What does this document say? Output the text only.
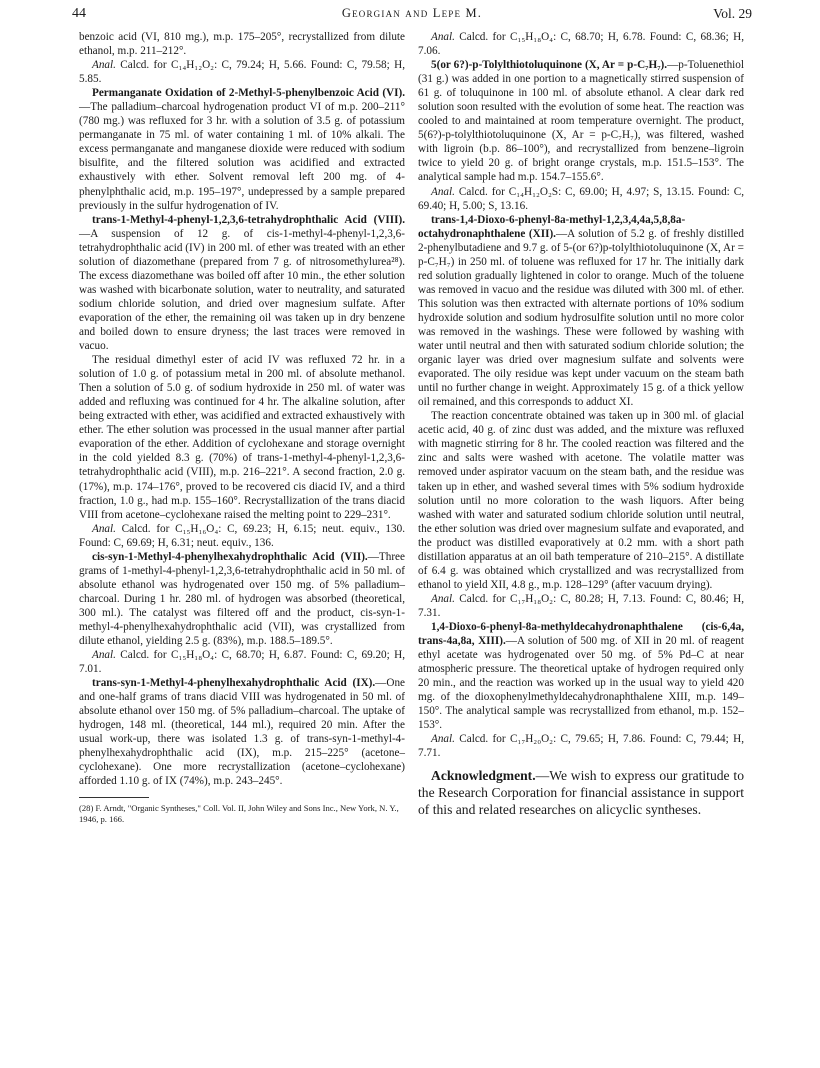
44	Georgian and Lepe M.	Vol. 29

benzoic acid (VI, 810 mg.), m.p. 175–205°, recrystallized from dilute ethanol, m.p. 211–212°.

Anal. Calcd. for C₁₄H₁₂O₂: C, 79.24; H, 5.66. Found: C, 79.58; H, 5.85.

Permanganate Oxidation of 2-Methyl-5-phenylbenzoic Acid (VI).—The palladium–charcoal hydrogenation product VI of m.p. 200–211° (780 mg.) was refluxed for 3 hr. with a solution of 3.5 g. of potassium permanganate in 75 ml. of water containing 1 ml. of 10% alkali. The excess permanganate and manganese dioxide were reduced with sodium bisulfite, and the filtered solution was acidified and extracted exhaustively with ether. Solvent removal left 200 mg. of 4-phenylphthalic acid, m.p. 195–197°, undepressed by a sample prepared previously in the sulfur hydrogenation of IV.

trans-1-Methyl-4-phenyl-1,2,3,6-tetrahydrophthalic Acid (VIII).—A suspension of 12 g. of cis-1-methyl-4-phenyl-1,2,3,6-tetrahydrophthalic acid (IV) in 200 ml. of ether was treated with an ether solution of diazomethane (prepared from 7 g. of nitrosomethylurea²⁸). The excess diazomethane was boiled off after 10 min., the ether solution was washed with bicarbonate solution, water to neutrality, and saturated sodium chloride solution, and dried over magnesium sulfate. After evaporation of the ether, the remaining oil was taken up in dry benzene and boiled down to ensure dryness; the last traces were removed in vacuo.

The residual dimethyl ester of acid IV was refluxed 72 hr. in a solution of 1.0 g. of potassium metal in 200 ml. of absolute methanol. Then a solution of 5.0 g. of sodium hydroxide in 250 ml. of water was added and refluxing was continued for 4 hr. The alkaline solution, after being extracted with ether, was acidified and extracted exhaustively with ether. The ether solution was processed in the usual manner after partial evaporation of the ether. Addition of cyclohexane and storage overnight in the cold yielded 8.3 g. (70%) of trans-1-methyl-4-phenyl-1,2,3,6-tetrahydrophthalic acid (VIII), m.p. 216–221°. A second fraction, 2.0 g. (17%), m.p. 174–176°, proved to be recovered cis diacid IV, and a third fraction, 1.0 g., had m.p. 155–160°. Recrystallization of the trans diacid VIII from acetone–cyclohexane raised the melting point to 229–231°.

Anal. Calcd. for C₁₅H₁₆O₄: C, 69.23; H, 6.15; neut. equiv., 130. Found: C, 69.69; H, 6.31; neut. equiv., 136.

cis-syn-1-Methyl-4-phenylhexahydrophthalic Acid (VII).—Three grams of 1-methyl-4-phenyl-1,2,3,6-tetrahydrophthalic acid in 50 ml. of absolute ethanol was hydrogenated over 150 mg. of 5% palladium–charcoal. During 1 hr. 280 ml. of hydrogen was absorbed (theoretical, 300 ml.). The catalyst was filtered off and the product, cis-syn-1-methyl-4-phenylhexahydrophthalic acid (VII), was crystallized from dilute ethanol, yielding 2.5 g. (83%), m.p. 188.5–189.5°.

Anal. Calcd. for C₁₅H₁₈O₄: C, 68.70; H, 6.87. Found: C, 69.20; H, 7.01.

trans-syn-1-Methyl-4-phenylhexahydrophthalic Acid (IX).—One and one-half grams of trans diacid VIII was hydrogenated in 50 ml. of absolute ethanol over 150 mg. of 5% palladium–charcoal. The uptake of hydrogen, 148 ml. (theoretical, 144 ml.), required 20 min. After the usual work-up, there was isolated 1.3 g. of trans-syn-1-methyl-4-phenylhexahydrophthalic acid (IX), m.p. 215–225° (acetone–cyclohexane). One more recrystallization (acetone–cyclohexane) afforded 1.10 g. of IX (74%), m.p. 243–245°.

(28) F. Arndt, "Organic Syntheses," Coll. Vol. II, John Wiley and Sons Inc., New York, N. Y., 1946, p. 166.

Anal. Calcd. for C₁₅H₁₈O₄: C, 68.70; H, 6.78. Found: C, 68.36; H, 7.06.

5(or 6?)-p-Tolylthiotoluquinone (X, Ar = p-C₇H₇).—p-Toluenethiol (31 g.) was added in one portion to a magnetically stirred suspension of 61 g. of toluquinone in 100 ml. of absolute ethanol. A clear dark red solution soon resulted with the evolution of some heat. The reaction was cooled to and maintained at room temperature overnight. The product, 5(6?)-p-tolylthiotoluquinone (X, Ar = p-C₇H₇), was filtered, washed with ligroin (b.p. 86–100°), and recrystallized from benzene–ligroin twice to yield 20 g. of bright orange crystals, m.p. 151.5–153°. The analytical sample had m.p. 154.7–155.6°.

Anal. Calcd. for C₁₄H₁₂O₂S: C, 69.00; H, 4.97; S, 13.15. Found: C, 69.40; H, 5.00; S, 13.16.

trans-1,4-Dioxo-6-phenyl-8a-methyl-1,2,3,4,4a,5,8,8a-octahydronaphthalene (XII).—A solution of 5.2 g. of freshly distilled 2-phenylbutadiene and 9.7 g. of 5-(or 6?)p-tolylthiotoluquinone (X, Ar = p-C₇H₇) in 250 ml. of toluene was refluxed for 17 hr. The initially dark red solution gradually lightened in color to orange. Much of the toluene was removed in vacuo and the residue was diluted with 300 ml. of ether. This solution was then extracted with alternate portions of 10% sodium hydroxide solution and sodium hydrosulfite solution until no more color was removed in the washings. These were followed by washing with water until neutral and then with saturated sodium chloride solution; the organic layer was dried over magnesium sulfate and solvents were evaporated. The oily residue was kept under vacuum on the steam bath until no further change in weight. Approximately 15 g. of a thick yellow oil remained, and this corresponds to adduct XI.

The reaction concentrate obtained was taken up in 300 ml. of glacial acetic acid, 40 g. of zinc dust was added, and the mixture was refluxed with magnetic stirring for 8 hr. The cooled reaction was filtered and the zinc and salts were washed with acetone. The volatile matter was removed under aspirator vacuum on the steam bath, and the residue was taken up in ether, and washed several times with 5% sodium hydroxide solution until no more coloration to the wash liquors. After being washed with water and saturated sodium chloride solution until neutral, the ether solution was dried over magnesium sulfate and evaporated, and the product was distilled evaporatively at 0.2 mm. with a short path distillation apparatus at an oil bath temperature of 210–215°. A distillate of 6.4 g. was obtained which crystallized and was recrystallized from ethanol to yield XII, 4.8 g., m.p. 128–129° (after vacuum drying).

Anal. Calcd. for C₁₇H₁₈O₂: C, 80.28; H, 7.13. Found: C, 80.46; H, 7.31.

1,4-Dioxo-6-phenyl-8a-methyldecahydronaphthalene (cis-6,4a, trans-4a,8a, XIII).—A solution of 500 mg. of XII in 20 ml. of reagent ethyl acetate was hydrogenated over 50 mg. of 5% Pd–C at near atmospheric pressure. The theoretical uptake of hydrogen required only 20 min., and the reaction was worked up in the usual way to yield 420 mg. of the dioxophenylmethyldecahydronaphthalene XIII, m.p. 149–150°. The analytical sample was recrystallized from ethanol, m.p. 152–153°.

Anal. Calcd. for C₁₇H₂₀O₂: C, 79.65; H, 7.86. Found: C, 79.44; H, 7.71.

Acknowledgment.—We wish to express our gratitude to the Research Corporation for financial assistance in support of this and related researches on alicyclic syntheses.
